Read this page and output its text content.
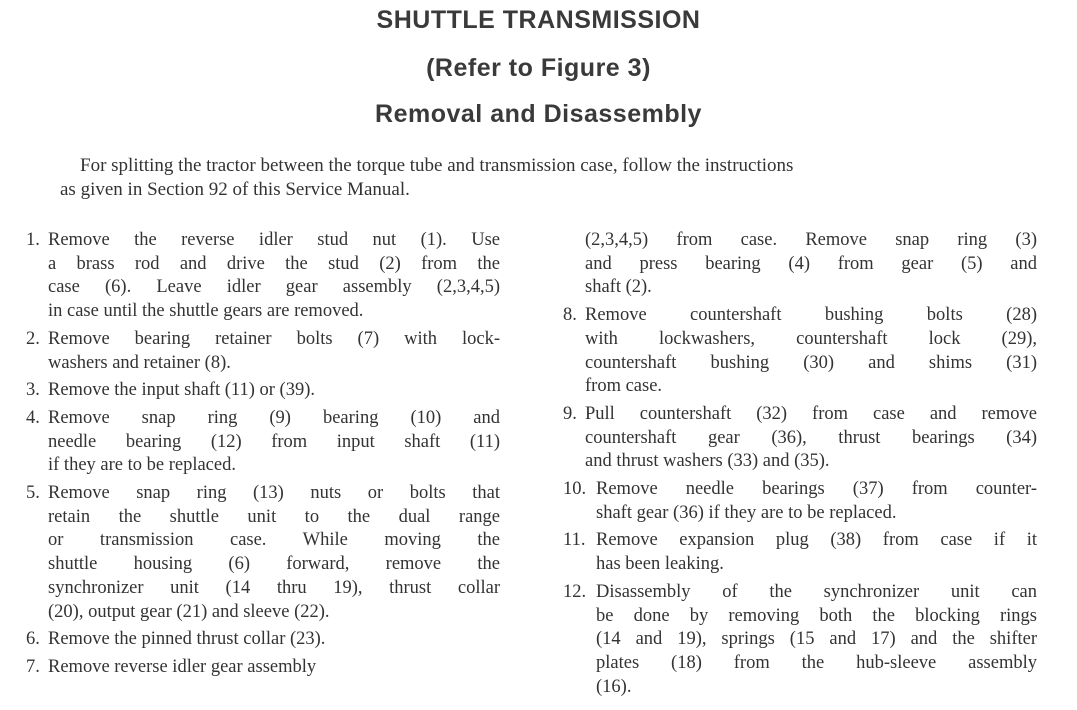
SHUTTLE TRANSMISSION
(Refer to Figure 3)
Removal and Disassembly

For splitting the tractor between the torque tube and transmission case, follow the instructions

as given in Section 92 of this Service Manual.

1. Remove the reverse idler stud nut (1). Use
a brass rod and drive the stud (2) from the
case (6). Leave idler gear assembly (2,3,4,5)
in case until the shuttle gears are removed.
2. Remove bearing retainer bolts (7) with lock-
washers and retainer (8).
3. Remove the input shaft (11) or (39).
4. Remove snap ring (9) bearing (10) and
needle bearing (12) from input shaft (11)
if they are to be replaced.
5. Remove snap ring (13) nuts or bolts that
retain the shuttle unit to the dual range
or transmission case. While moving the
shuttle housing (6) forward, remove the
synchronizer unit (14 thru 19), thrust collar
(20), output gear (21) and sleeve (22).
6. Remove the pinned thrust collar (23).
7. Remove reverse idler gear assembly
(2,3,4,5) from case. Remove snap ring (3)
and press bearing (4) from gear (5) and
shaft (2).
8. Remove countershaft bushing bolts (28)
with lockwashers, countershaft lock (29),
countershaft bushing (30) and shims (31)
from case.
9. Pull countershaft (32) from case and remove
countershaft gear (36), thrust bearings (34)
and thrust washers (33) and (35).
10. Remove needle bearings (37) from counter-
shaft gear (36) if they are to be replaced.
11. Remove expansion plug (38) from case if it
has been leaking.
12. Disassembly of the synchronizer unit can
be done by removing both the blocking rings
(14 and 19), springs (15 and 17) and the shifter
plates (18) from the hub-sleeve assembly
(16).
